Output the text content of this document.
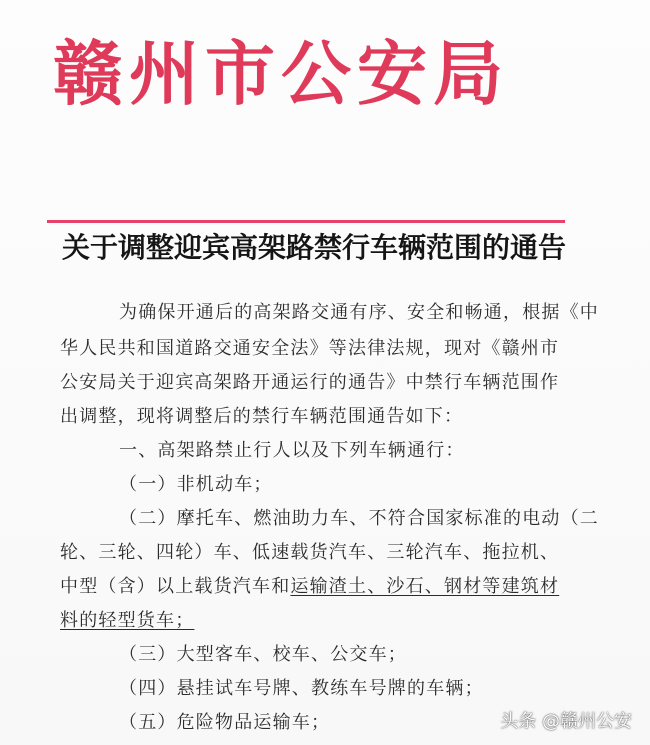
赣州市公安局
关于调整迎宾高架路禁行车辆范围的通告
为确保开通后的高架路交通有序、安全和畅通，根据《中
华人民共和国道路交通安全法》等法律法规，现对《赣州市
公安局关于迎宾高架路开通运行的通告》中禁行车辆范围作
出调整，现将调整后的禁行车辆范围通告如下：
一、高架路禁止行人以及下列车辆通行：
（一）非机动车；
（二）摩托车、燃油助力车、不符合国家标准的电动（二
轮、三轮、四轮）车、低速载货汽车、三轮汽车、拖拉机、
中型（含）以上载货汽车和运输渣土、沙石、钢材等建筑材
料的轻型货车；
（三）大型客车、校车、公交车；
（四）悬挂试车号牌、教练车号牌的车辆；
（五）危险物品运输车；	头条 @赣州公安
